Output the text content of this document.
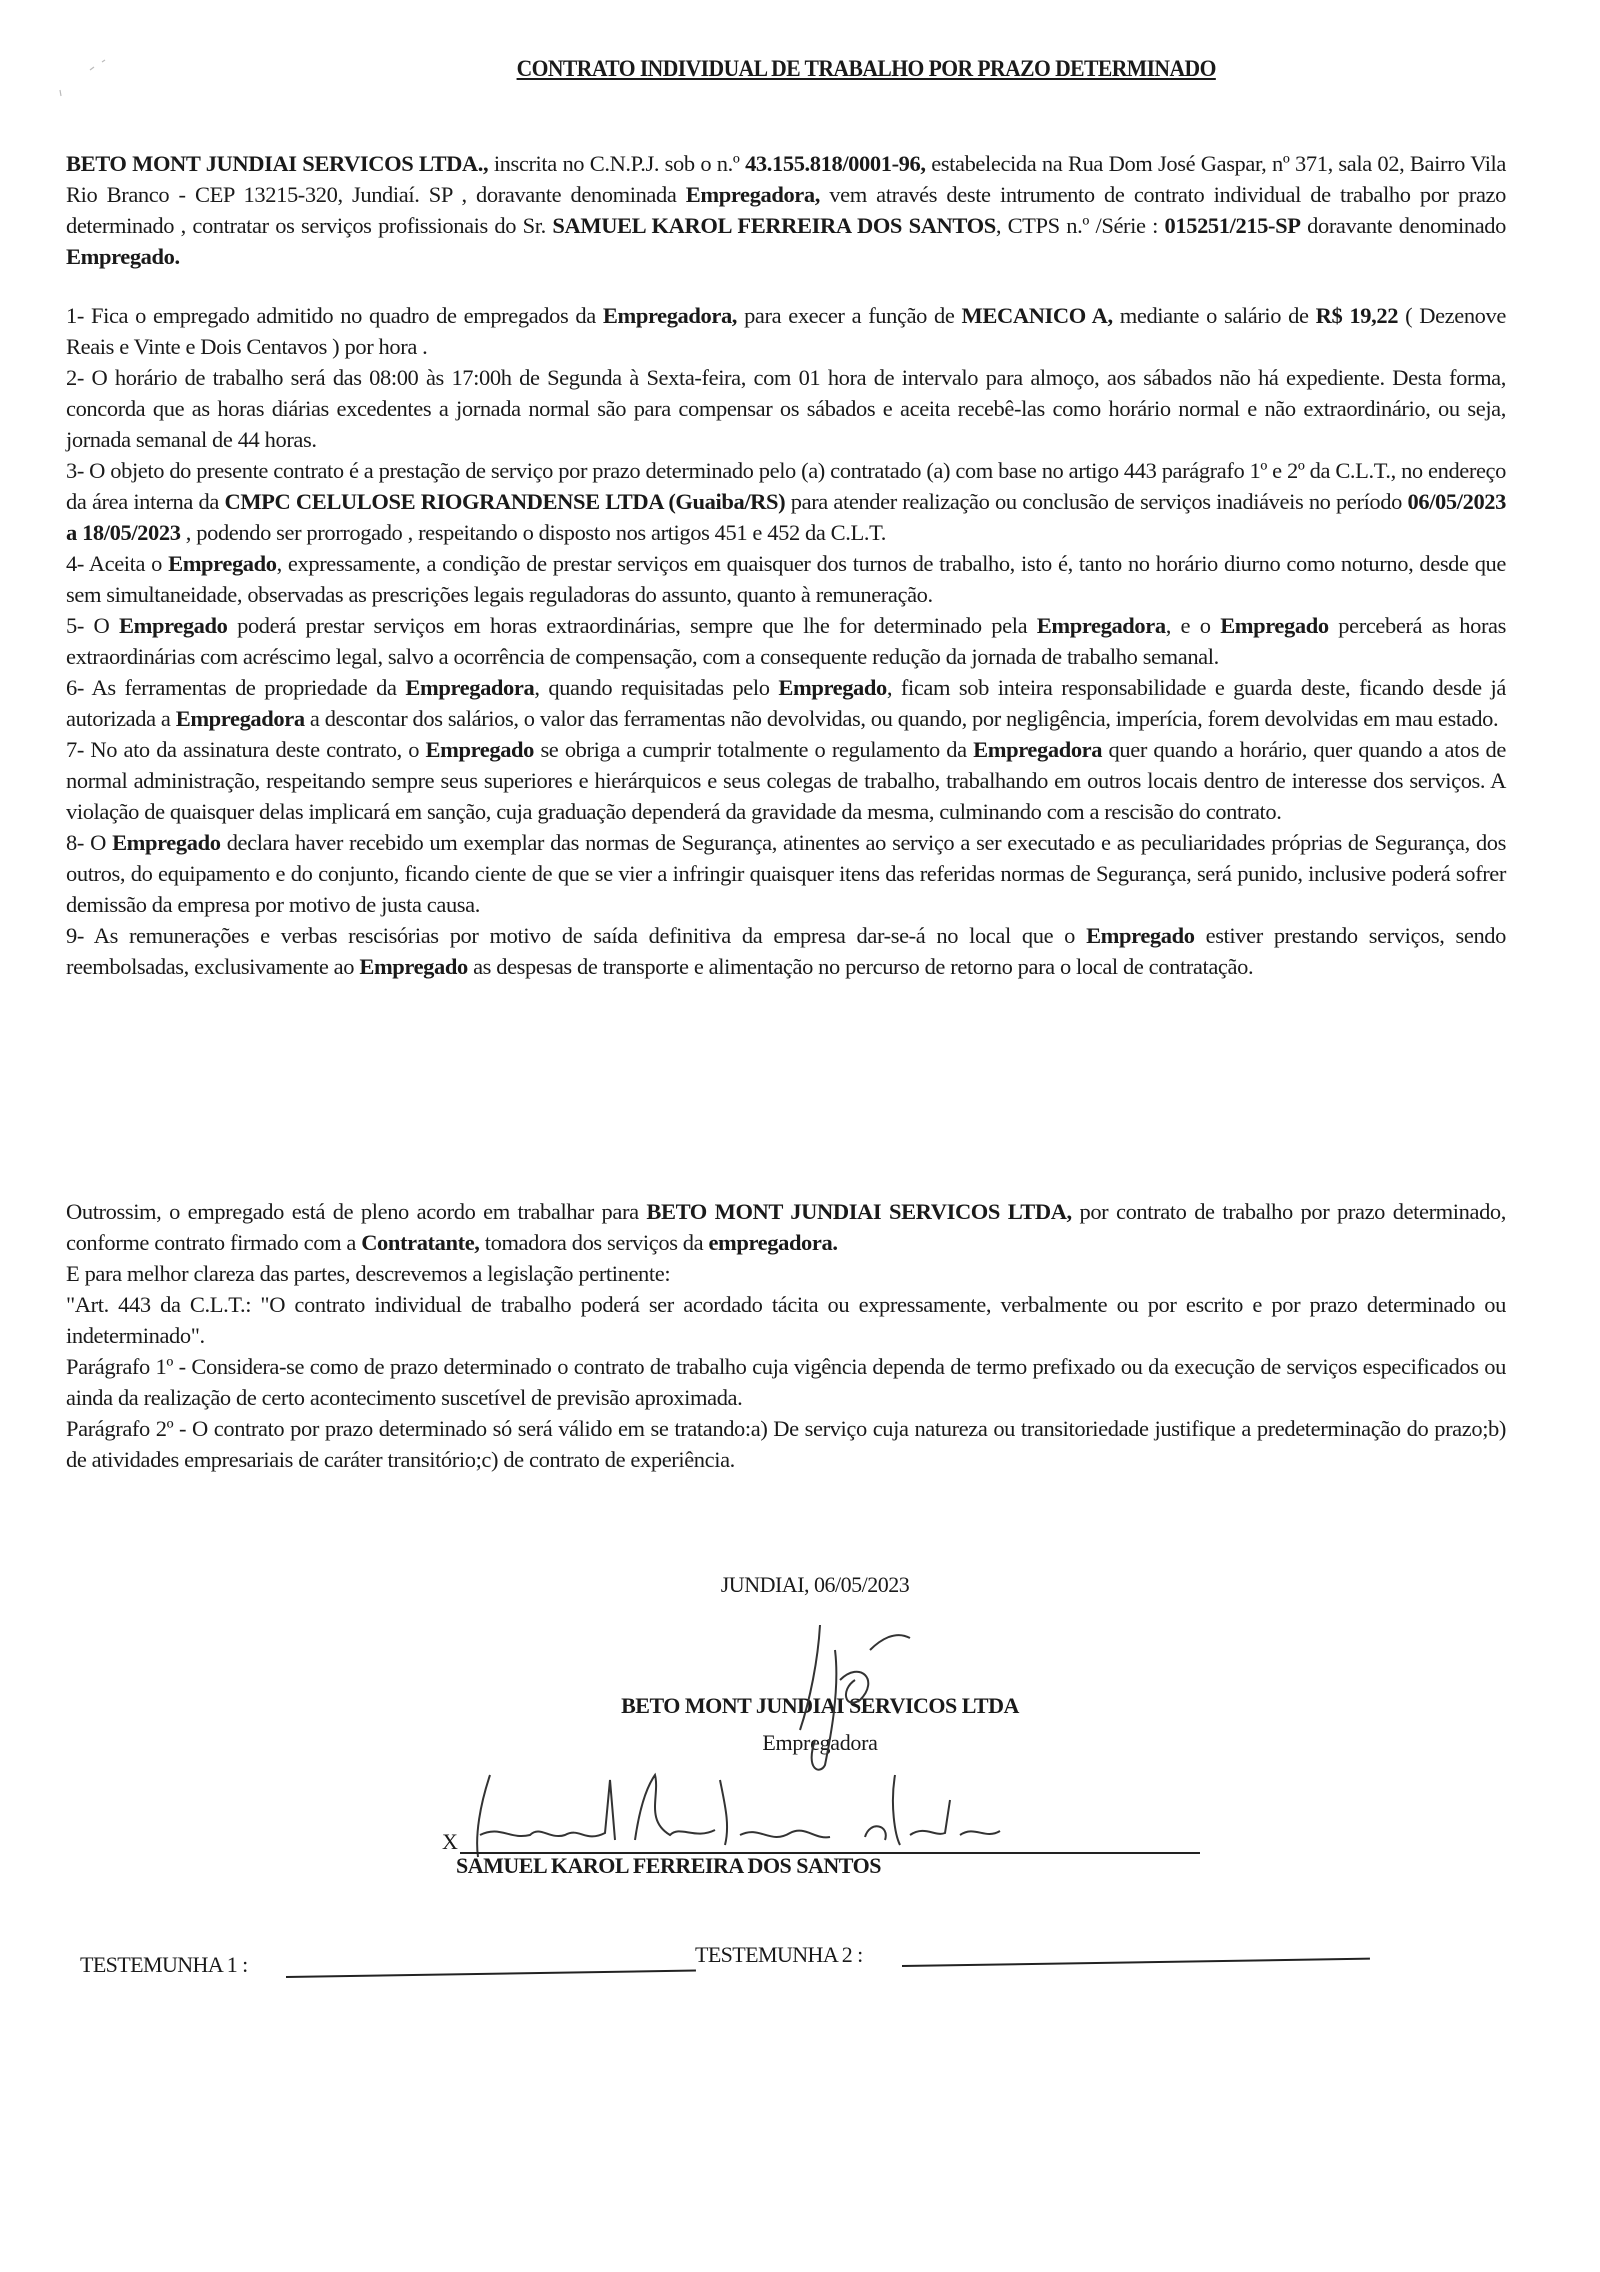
CONTRATO INDIVIDUAL DE TRABALHO POR PRAZO DETERMINADO

BETO MONT JUNDIAI SERVICOS LTDA., inscrita no C.N.P.J. sob o n.º 43.155.818/0001-96, estabelecida na Rua Dom José Gaspar, nº 371, sala 02, Bairro Vila Rio Branco - CEP 13215-320, Jundiaí. SP , doravante denominada Empregadora, vem através deste intrumento de contrato individual de trabalho por prazo determinado , contratar os serviços profissionais do Sr. SAMUEL KAROL FERREIRA DOS SANTOS, CTPS n.º /Série : 015251/215-SP doravante denominado Empregado.

1- Fica o empregado admitido no quadro de empregados da Empregadora, para execer a função de MECANICO A, mediante o salário de R$ 19,22 ( Dezenove Reais e Vinte e Dois Centavos ) por hora .

2- O horário de trabalho será das 08:00 às 17:00h de Segunda à Sexta-feira, com 01 hora de intervalo para almoço, aos sábados não há expediente. Desta forma, concorda que as horas diárias excedentes a jornada normal são para compensar os sábados e aceita recebê-las como horário normal e não extraordinário, ou seja, jornada semanal de 44 horas.

3- O objeto do presente contrato é a prestação de serviço por prazo determinado pelo (a) contratado (a) com base no artigo 443 parágrafo 1º e 2º da C.L.T., no endereço da área interna da CMPC CELULOSE RIOGRANDENSE LTDA (Guaiba/RS) para atender realização ou conclusão de serviços inadiáveis no período 06/05/2023 a 18/05/2023 , podendo ser prorrogado , respeitando o disposto nos artigos 451 e 452 da C.L.T.

4- Aceita o Empregado, expressamente, a condição de prestar serviços em quaisquer dos turnos de trabalho, isto é, tanto no horário diurno como noturno, desde que sem simultaneidade, observadas as prescrições legais reguladoras do assunto, quanto à remuneração.

5- O Empregado poderá prestar serviços em horas extraordinárias, sempre que lhe for determinado pela Empregadora, e o Empregado perceberá as horas extraordinárias com acréscimo legal, salvo a ocorrência de compensação, com a consequente redução da jornada de trabalho semanal.

6- As ferramentas de propriedade da Empregadora, quando requisitadas pelo Empregado, ficam sob inteira responsabilidade e guarda deste, ficando desde já autorizada a Empregadora a descontar dos salários, o valor das ferramentas não devolvidas, ou quando, por negligência, imperícia, forem devolvidas em mau estado.

7- No ato da assinatura deste contrato, o Empregado se obriga a cumprir totalmente o regulamento da Empregadora quer quando a horário, quer quando a atos de normal administração, respeitando sempre seus superiores e hierárquicos e seus colegas de trabalho, trabalhando em outros locais dentro de interesse dos serviços. A violação de quaisquer delas implicará em sanção, cuja graduação dependerá da gravidade da mesma, culminando com a rescisão do contrato.

8- O Empregado declara haver recebido um exemplar das normas de Segurança, atinentes ao serviço a ser executado e as peculiaridades próprias de Segurança, dos outros, do equipamento e do conjunto, ficando ciente de que se vier a infringir quaisquer itens das referidas normas de Segurança, será punido, inclusive poderá sofrer demissão da empresa por motivo de justa causa.

9- As remunerações e verbas rescisórias por motivo de saída definitiva da empresa dar-se-á no local que o Empregado estiver prestando serviços, sendo reembolsadas, exclusivamente ao Empregado as despesas de transporte e alimentação no percurso de retorno para o local de contratação.

Outrossim, o empregado está de pleno acordo em trabalhar para BETO MONT JUNDIAI SERVICOS LTDA, por contrato de trabalho por prazo determinado, conforme contrato firmado com a Contratante, tomadora dos serviços da empregadora.

E para melhor clareza das partes, descrevemos a legislação pertinente:

"Art. 443 da C.L.T.: "O contrato individual de trabalho poderá ser acordado tácita ou expressamente, verbalmente ou por escrito e por prazo determinado ou indeterminado".

Parágrafo 1º - Considera-se como de prazo determinado o contrato de trabalho cuja vigência dependa de termo prefixado ou da execução de serviços especificados ou ainda da realização de certo acontecimento suscetível de previsão aproximada.

Parágrafo 2º - O contrato por prazo determinado só será válido em se tratando:a) De serviço cuja natureza ou transitoriedade justifique a predeterminação do prazo;b) de atividades empresariais de caráter transitório;c) de contrato de experiência.

JUNDIAI, 06/05/2023
BETO MONT JUNDIAI SERVICOS LTDA
Empregadora
X
SAMUEL KAROL FERREIRA DOS SANTOS
TESTEMUNHA 1 :	TESTEMUNHA 2 :
